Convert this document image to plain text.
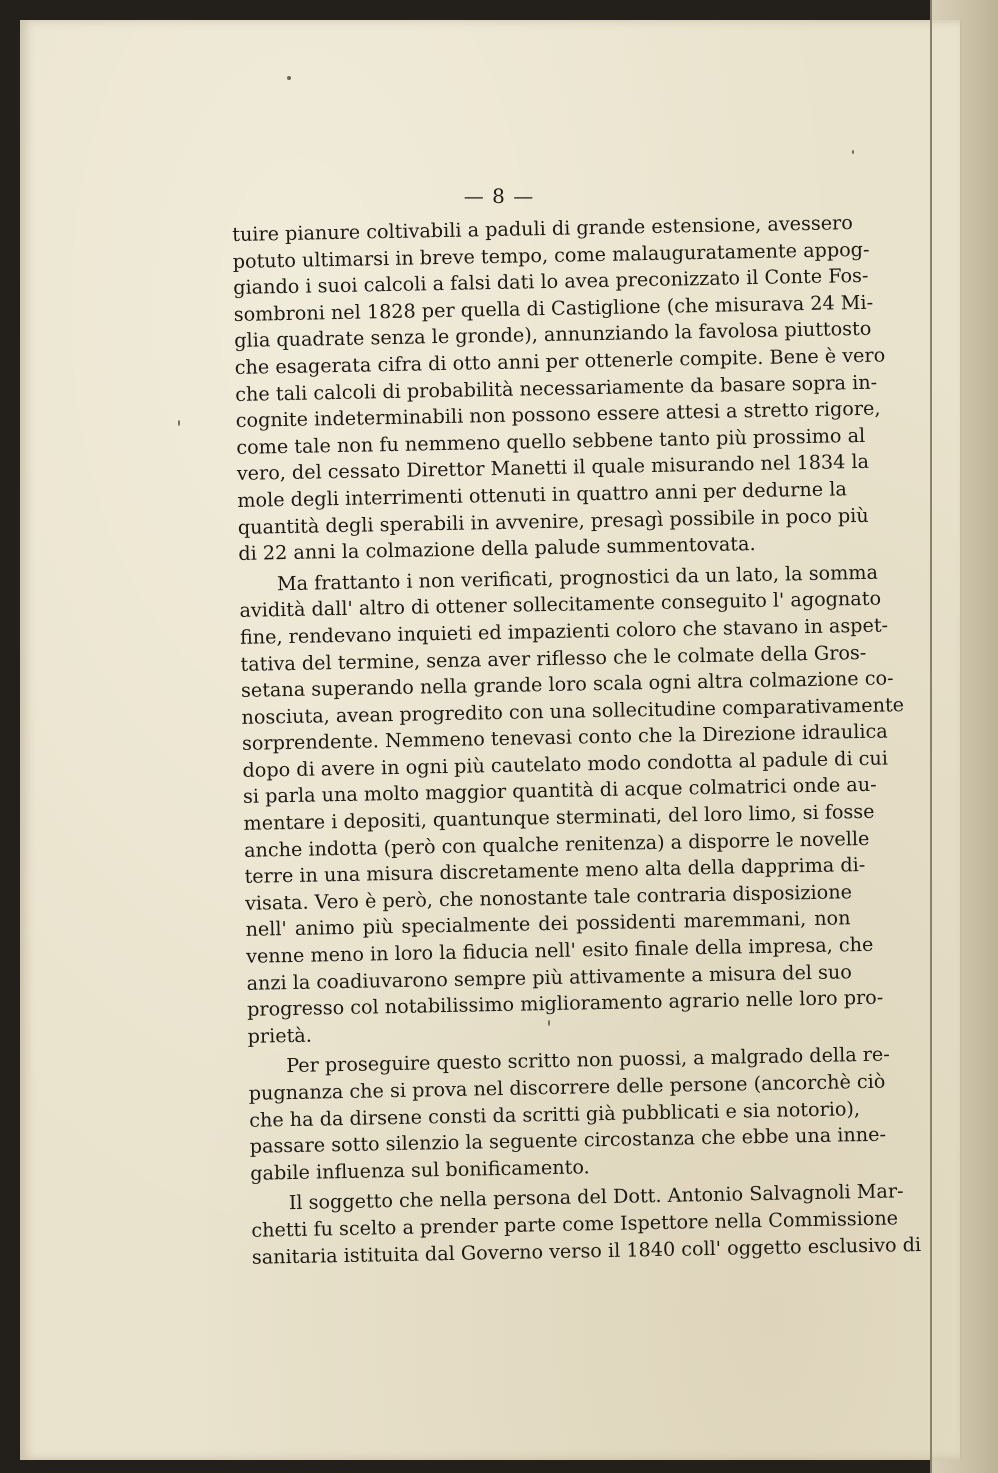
— 8 —
tuire pianure coltivabili a paduli di grande estensione, avessero
potuto ultimarsi in breve tempo, come malauguratamente appog-
giando i suoi calcoli a falsi dati lo avea preconizzato il Conte Fos-
sombroni nel 1828 per quella di Castiglione (che misurava 24 Mi-
glia quadrate senza le gronde), annunziando la favolosa piuttosto
che esagerata cifra di otto anni per ottenerle compite. Bene è vero
che tali calcoli di probabilità necessariamente da basare sopra in-
cognite indeterminabili non possono essere attesi a stretto rigore,
come tale non fu nemmeno quello sebbene tanto più prossimo al
vero, del cessato Direttor Manetti il quale misurando nel 1834 la
mole degli interrimenti ottenuti in quattro anni per dedurne la
quantità degli sperabili in avvenire, presagì possibile in poco più
di 22 anni la colmazione della palude summentovata.
Ma frattanto i non verificati, prognostici da un lato, la somma
avidità dall' altro di ottener sollecitamente conseguito l' agognato
fine, rendevano inquieti ed impazienti coloro che stavano in aspet-
tativa del termine, senza aver riflesso che le colmate della Gros-
setana superando nella grande loro scala ogni altra colmazione co-
nosciuta, avean progredito con una sollecitudine comparativamente
sorprendente. Nemmeno tenevasi conto che la Direzione idraulica
dopo di avere in ogni più cautelato modo condotta al padule di cui
si parla una molto maggior quantità di acque colmatrici onde au-
mentare i depositi, quantunque sterminati, del loro limo, si fosse
anche indotta (però con qualche renitenza) a disporre le novelle
terre in una misura discretamente meno alta della dapprima di-
visata. Vero è però, che nonostante tale contraria disposizione
nell' animo più specialmente dei possidenti maremmani, non
venne meno in loro la fiducia nell' esito finale della impresa, che
anzi la coadiuvarono sempre più attivamente a misura del suo
progresso col notabilissimo miglioramento agrario nelle loro pro-
prietà.
Per proseguire questo scritto non puossi, a malgrado della re-
pugnanza che si prova nel discorrere delle persone (ancorchè ciò
che ha da dirsene consti da scritti già pubblicati e sia notorio),
passare sotto silenzio la seguente circostanza che ebbe una inne-
gabile influenza sul bonificamento.
Il soggetto che nella persona del Dott. Antonio Salvagnoli Mar-
chetti fu scelto a prender parte come Ispettore nella Commissione
sanitaria istituita dal Governo verso il 1840 coll' oggetto esclusivo di
